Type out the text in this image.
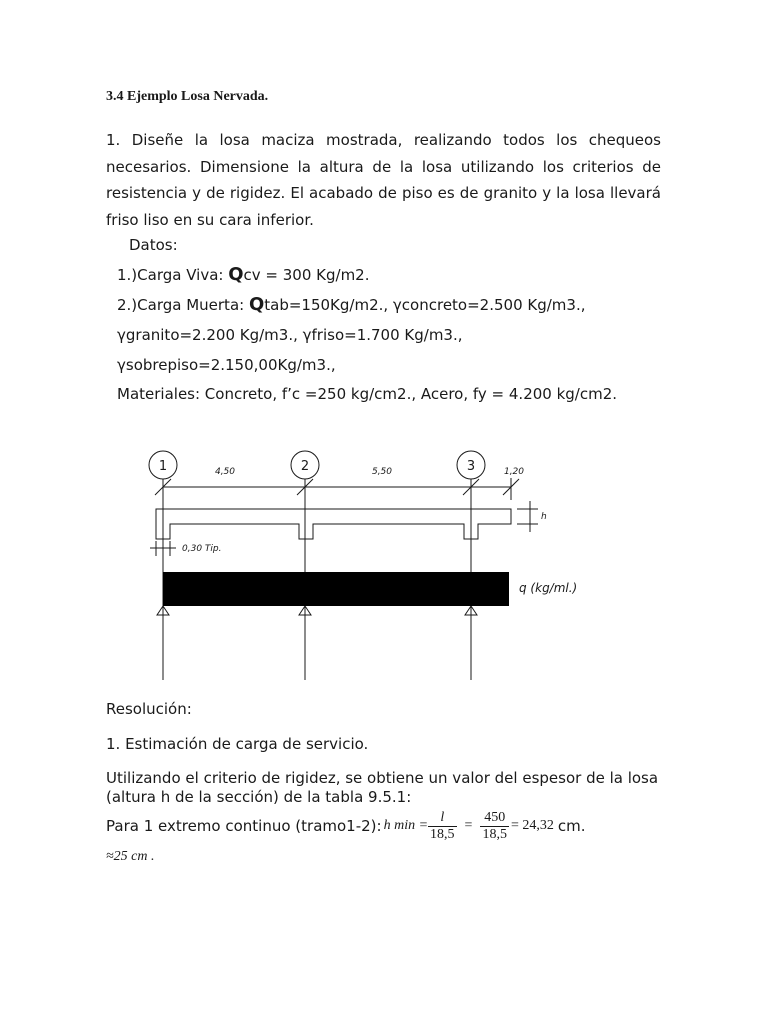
3.4 Ejemplo Losa Nervada.
1. Diseñe la losa maciza mostrada, realizando todos los chequeos necesarios. Dimensione la altura de la losa utilizando los criterios de resistencia y de rigidez. El acabado de piso es de granito y la losa llevará friso liso en su cara inferior.
Datos:
1.)Carga Viva: Qcv = 300 Kg/m2.
2.)Carga Muerta: Qtab=150Kg/m2., γconcreto=2.500 Kg/m3.,
γgranito=2.200 Kg/m3., γfriso=1.700 Kg/m3.,
γsobrepiso=2.150,00Kg/m3.,
Materiales: Concreto, f’c =250 kg/cm2., Acero, fy = 4.200 kg/cm2.
1	2	3
4,50	5,50	1,20
h
0,30 Tip.
q (kg/ml.)
Resolución:
1. Estimación de carga de servicio.
Utilizando el criterio de rigidez, se obtiene un valor del espesor de la losa (altura h de la sección) de la tabla 9.5.1:
Para 1 extremo continuo (tramo1-2): h $\min = \frac{l}{18,5} = \frac{450}{18,5} = 24,32$ cm.
≈25 cm .
